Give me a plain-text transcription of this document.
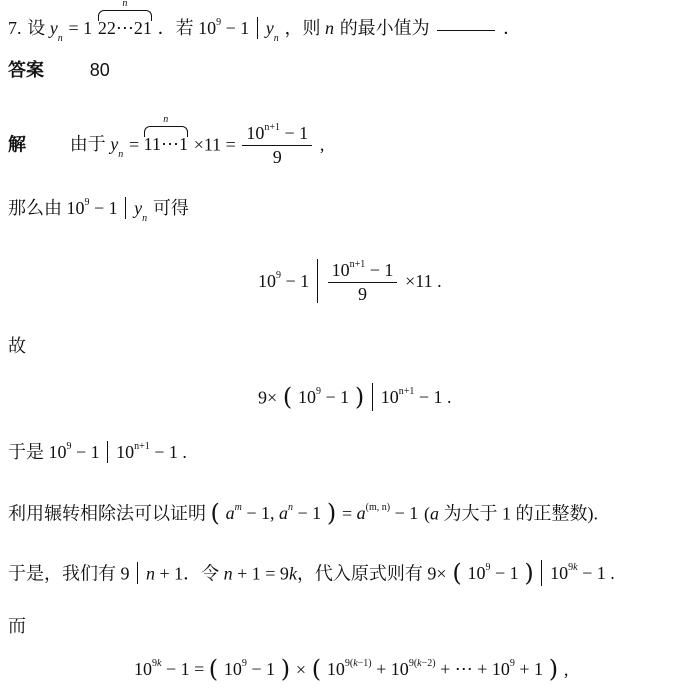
7. 设 $y_n = 1$
n
22⋯21 ．若 $10^9 - 1$ $y_n$ ，则 n 的最小值为	．
答案	80
解 由于 $y_n$ =
n
11⋯1 $\times 11 = \frac{10^{n+1} - 1}{9}$ ,
那么由 $10^9 - 1$ $y_n$ 可得
$10^9 - 1 \frac{10^{n+1} - 1}{9} \times 11$ .
故
9× ( $10^9 - 1$ ) $10^{n+1} - 1$ .
于是 $10^9 - 1$ $10^{n+1} - 1$ .
利用辗转相除法可以证明 ( $a^m - 1$, $a^n - 1$ ) = $a^{(m, n)} - 1$ (a 为大于 1 的正整数).
于是，我们有 9 n + 1．令 n + 1 = 9k，代入原式则有 9× ( $10^9 - 1$ ) $10^{9k} - 1$ .
而
$10^{9k} - 1$ = ( $10^9 - 1$ ) × ( $10^{9(k-1)} + 10^{9(k-2)}$ + ⋯ + $10^9 + 1$ ) ,
